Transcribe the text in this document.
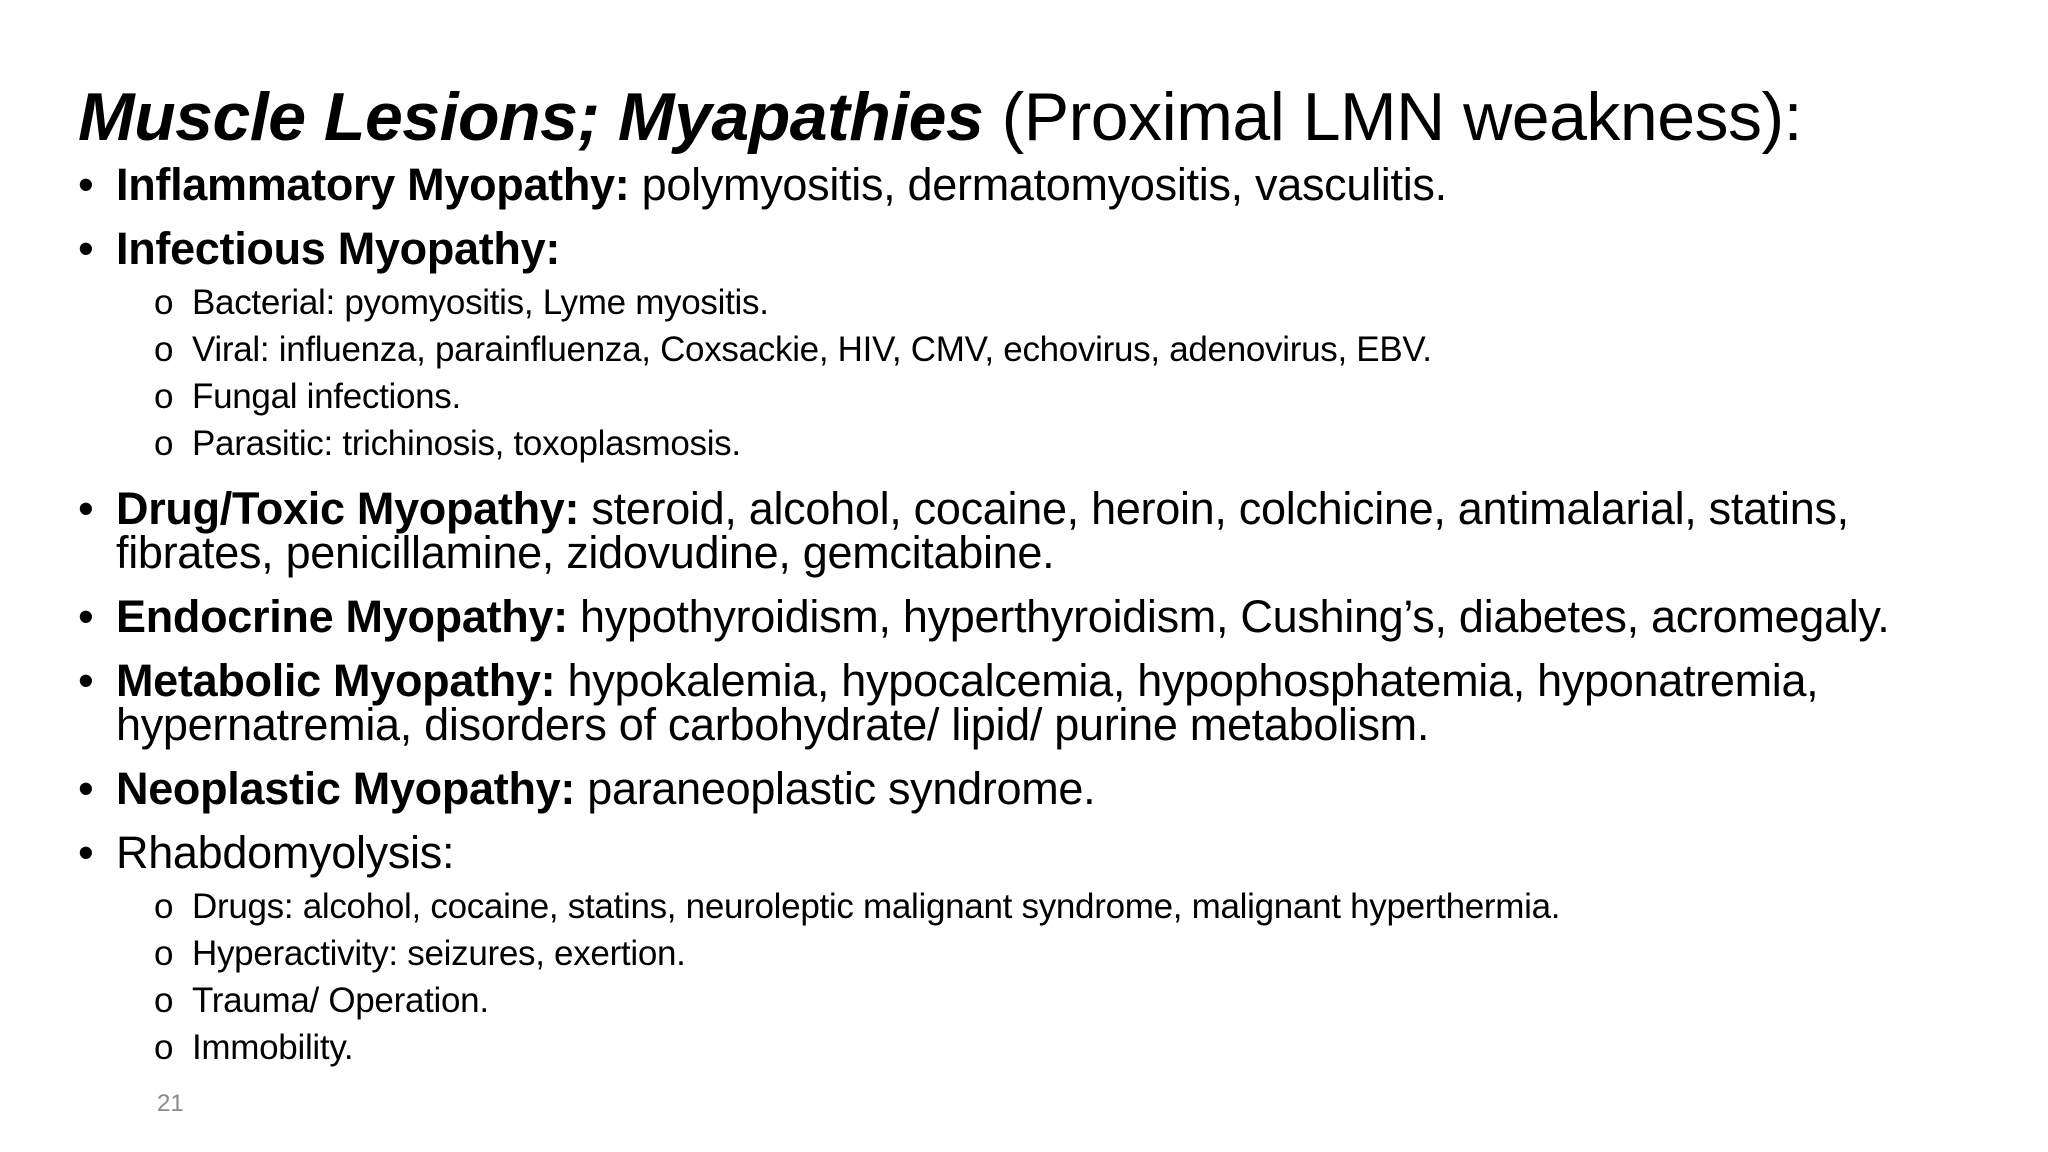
Muscle Lesions; Myapathies (Proximal LMN weakness):
• Inflammatory Myopathy: polymyositis, dermatomyositis, vasculitis.
• Infectious Myopathy:
o Bacterial: pyomyositis, Lyme myositis.
o Viral: influenza, parainfluenza, Coxsackie, HIV, CMV, echovirus, adenovirus, EBV.
o Fungal infections.
o Parasitic: trichinosis, toxoplasmosis.
• Drug/Toxic Myopathy: steroid, alcohol, cocaine, heroin, colchicine, antimalarial, statins, fibrates, penicillamine, zidovudine, gemcitabine.
• Endocrine Myopathy: hypothyroidism, hyperthyroidism, Cushing’s, diabetes, acromegaly.
• Metabolic Myopathy: hypokalemia, hypocalcemia, hypophosphatemia, hyponatremia, hypernatremia, disorders of carbohydrate/ lipid/ purine metabolism.
• Neoplastic Myopathy: paraneoplastic syndrome.
• Rhabdomyolysis:
o Drugs: alcohol, cocaine, statins, neuroleptic malignant syndrome, malignant hyperthermia.
o Hyperactivity: seizures, exertion.
o Trauma/ Operation.
o Immobility.
21
